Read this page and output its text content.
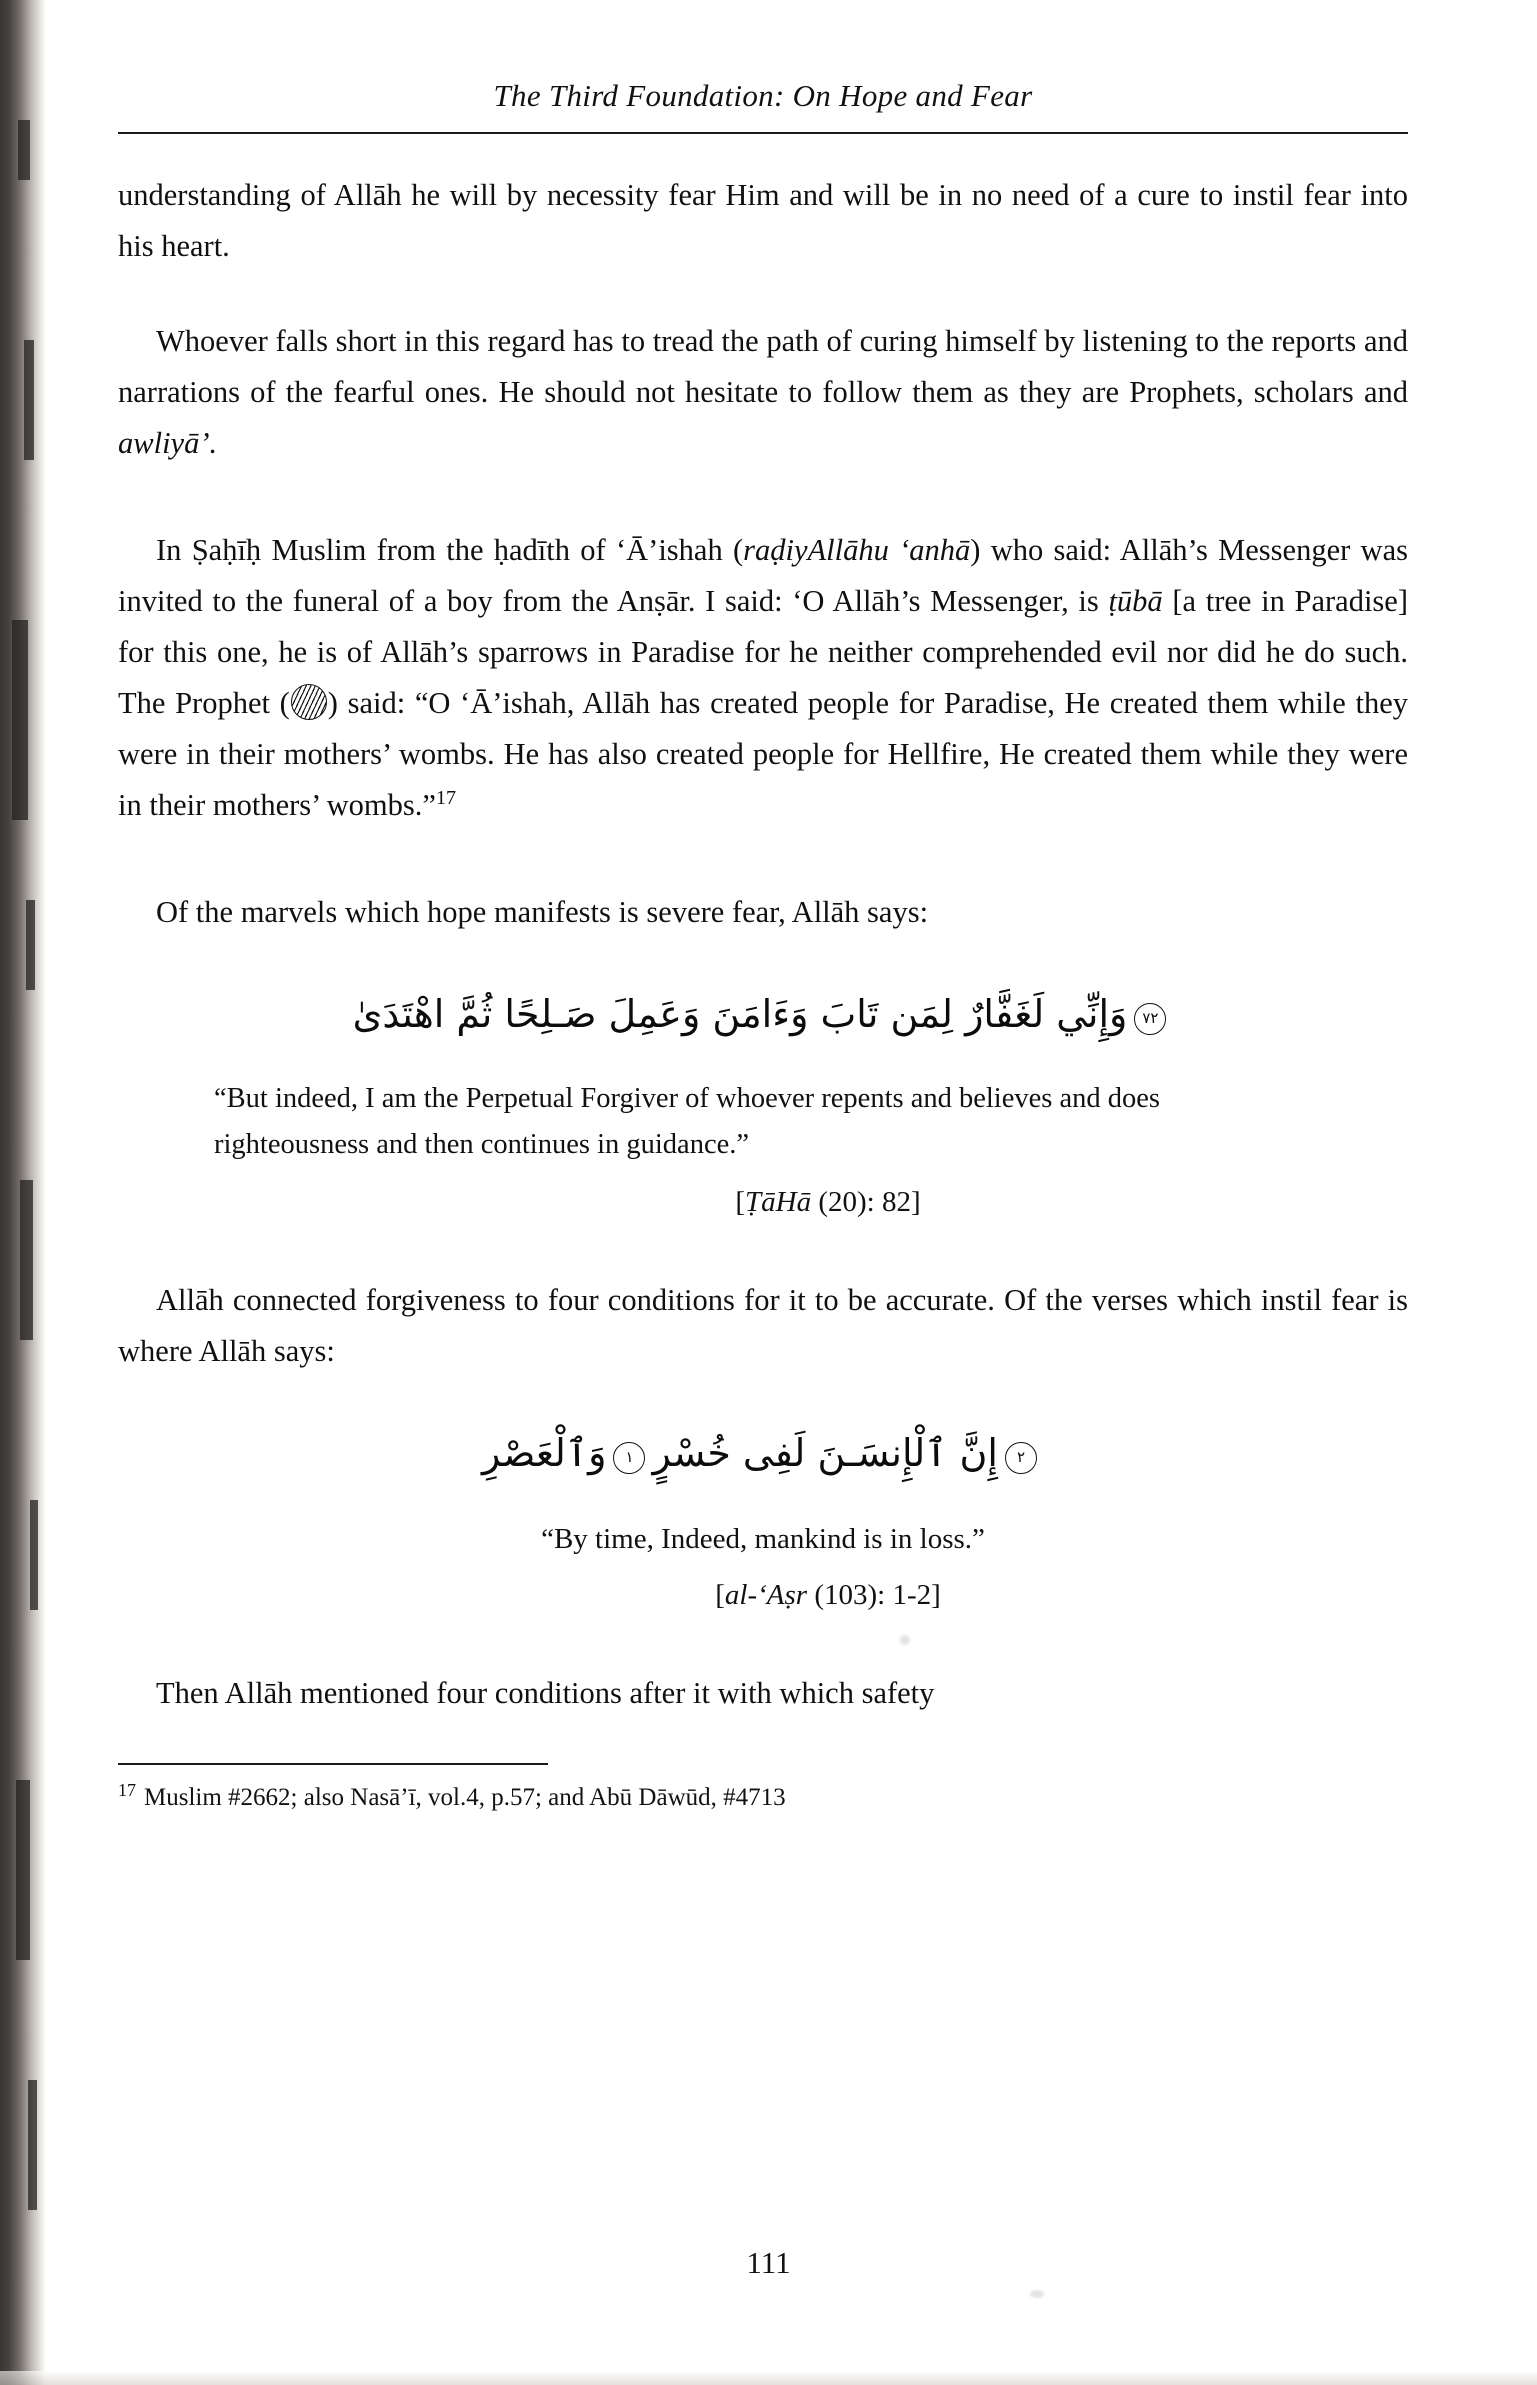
The Third Foundation: On Hope and Fear

understanding of Allāh he will by necessity fear Him and will be in no need of a cure to instil fear into his heart.

Whoever falls short in this regard has to tread the path of curing himself by listening to the reports and narrations of the fearful ones. He should not hesitate to follow them as they are Prophets, scholars and awliyā’.

In Ṣaḥīḥ Muslim from the ḥadīth of ʻĀ’ishah (raḍiyAllāhu ʻanhā) who said: Allāh’s Messenger was invited to the funeral of a boy from the Anṣār. I said: ‘O Allāh’s Messenger, is ṭūbā [a tree in Paradise] for this one, he is of Allāh’s sparrows in Paradise for he neither comprehended evil nor did he do such. The Prophet ( ) said: “O ʻĀ’ishah, Allāh has created people for Paradise, He created them while they were in their mothers’ wombs. He has also created people for Hellfire, He created them while they were in their mothers’ wombs.”$^{17}$

Of the marvels which hope manifests is severe fear, Allāh says:

٧٢وَإِنِّي لَغَفَّارٌ لِمَن تَابَ وَءَامَنَ وَعَمِلَ صَـلِحًا ثُمَّ اهْتَدَىٰ
“But indeed, I am the Perpetual Forgiver of whoever repents and believes and does righteousness and then continues in guidance.”
[ṬāHā (20): 82]

Allāh connected forgiveness to four conditions for it to be accurate. Of the verses which instil fear is where Allāh says:

٢إِنَّ ٱلْإِنسَـنَ لَفِى خُسْرٍ١وَٱلْعَصْرِ
“By time, Indeed, mankind is in loss.”
[al-ʻAṣr (103): 1-2]

Then Allāh mentioned four conditions after it with which safety

$^{17}$ Muslim #2662; also Nasā’ī, vol.4, p.57; and Abū Dāwūd, #4713
111
